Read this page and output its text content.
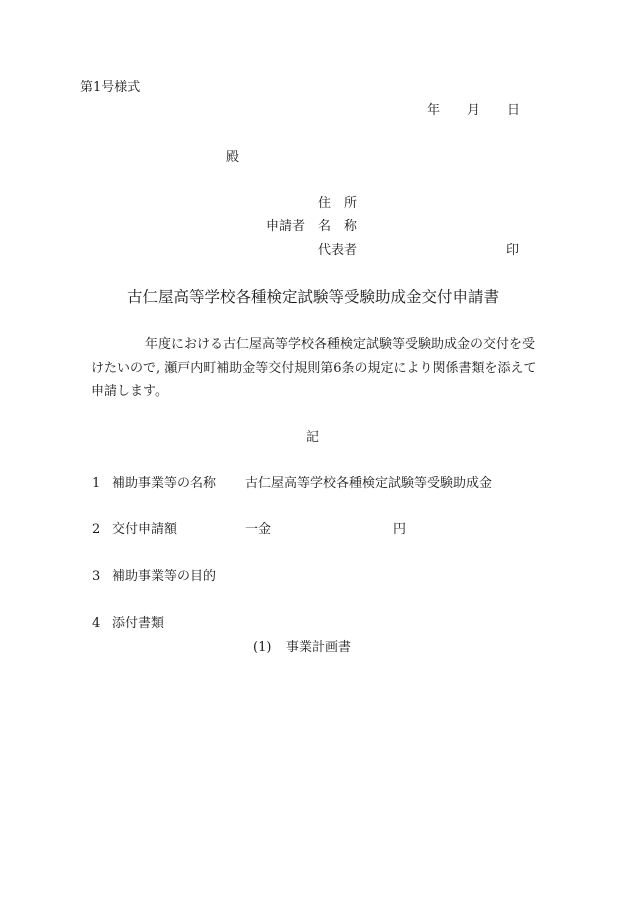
第1号様式
年 月 日
殿
住　所
申請者 名　称
代表者	印
古仁屋高等学校各種検定試験等受験助成金交付申請書
年度における古仁屋高等学校各種検定試験等受験助成金の交付を受
けたいので, 瀬戸内町補助金等交付規則第6条の規定により関係書類を添えて
申請します。
記
1 補助事業等の名称 古仁屋高等学校各種検定試験等受験助成金
2 交付申請額	一金	円
3 補助事業等の目的
4 添付書類
(1) 事業計画書
